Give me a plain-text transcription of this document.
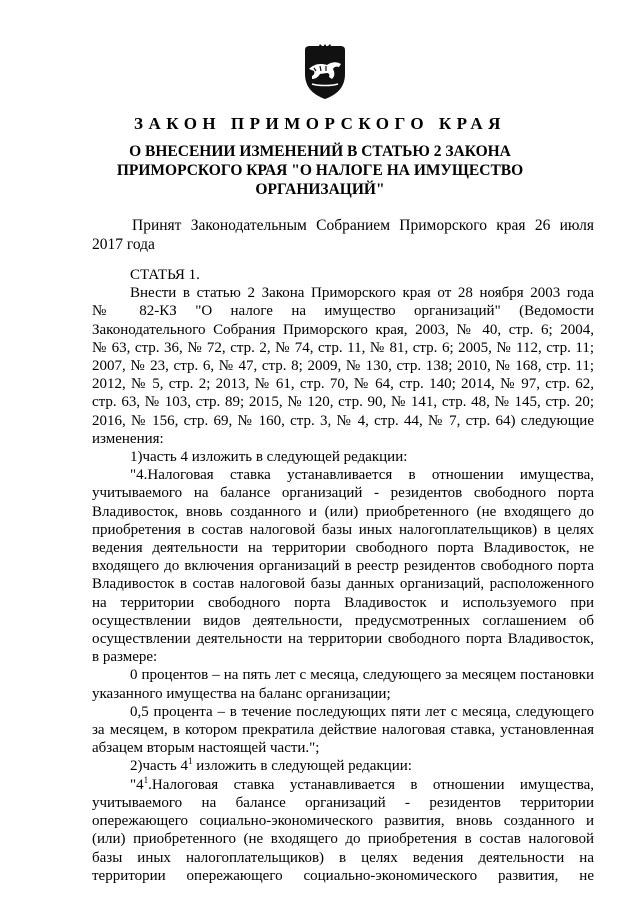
ЗАКОН ПРИМОРСКОГО КРАЯ
О ВНЕСЕНИИ ИЗМЕНЕНИЙ В СТАТЬЮ 2 ЗАКОНА
ПРИМОРСКОГО КРАЯ "О НАЛОГЕ НА ИМУЩЕСТВО
ОРГАНИЗАЦИЙ"
Принят Законодательным Собранием Приморского края 26 июля
2017 года
СТАТЬЯ 1.
Внести в статью 2 Закона Приморского края от 28 ноября 2003 года
№ 82-КЗ "О налоге на имущество организаций" (Ведомости
Законодательного Собрания Приморского края, 2003, № 40, стр. 6; 2004,
№ 63, стр. 36, № 72, стр. 2, № 74, стр. 11, № 81, стр. 6; 2005, № 112, стр. 11;
2007, № 23, стр. 6, № 47, стр. 8; 2009, № 130, стр. 138; 2010, № 168, стр. 11;
2012, № 5, стр. 2; 2013, № 61, стр. 70, № 64, стр. 140; 2014, № 97, стр. 62,
стр. 63, № 103, стр. 89; 2015, № 120, стр. 90, № 141, стр. 48, № 145, стр. 20;
2016, № 156, стр. 69, № 160, стр. 3, № 4, стр. 44, № 7, стр. 64) следующие
изменения:
1)часть 4 изложить в следующей редакции:
"4.Налоговая ставка устанавливается в отношении имущества,
учитываемого на балансе организаций - резидентов свободного порта
Владивосток, вновь созданного и (или) приобретенного (не входящего до
приобретения в состав налоговой базы иных налогоплательщиков) в целях
ведения деятельности на территории свободного порта Владивосток, не
входящего до включения организаций в реестр резидентов свободного порта
Владивосток в состав налоговой базы данных организаций, расположенного
на территории свободного порта Владивосток и используемого при
осуществлении видов деятельности, предусмотренных соглашением об
осуществлении деятельности на территории свободного порта Владивосток,
в размере:
0 процентов – на пять лет с месяца, следующего за месяцем постановки
указанного имущества на баланс организации;
0,5 процента – в течение последующих пяти лет с месяца, следующего
за месяцем, в котором прекратила действие налоговая ставка, установленная
абзацем вторым настоящей части.";
2)часть $4^1$ изложить в следующей редакции:
"$4^1.Налоговая$ ставка устанавливается в отношении имущества,
учитываемого на балансе организаций - резидентов территории
опережающего социально-экономического развития, вновь созданного и
(или) приобретенного (не входящего до приобретения в состав налоговой
базы иных налогоплательщиков) в целях ведения деятельности на
территории опережающего социально-экономического развития, не
